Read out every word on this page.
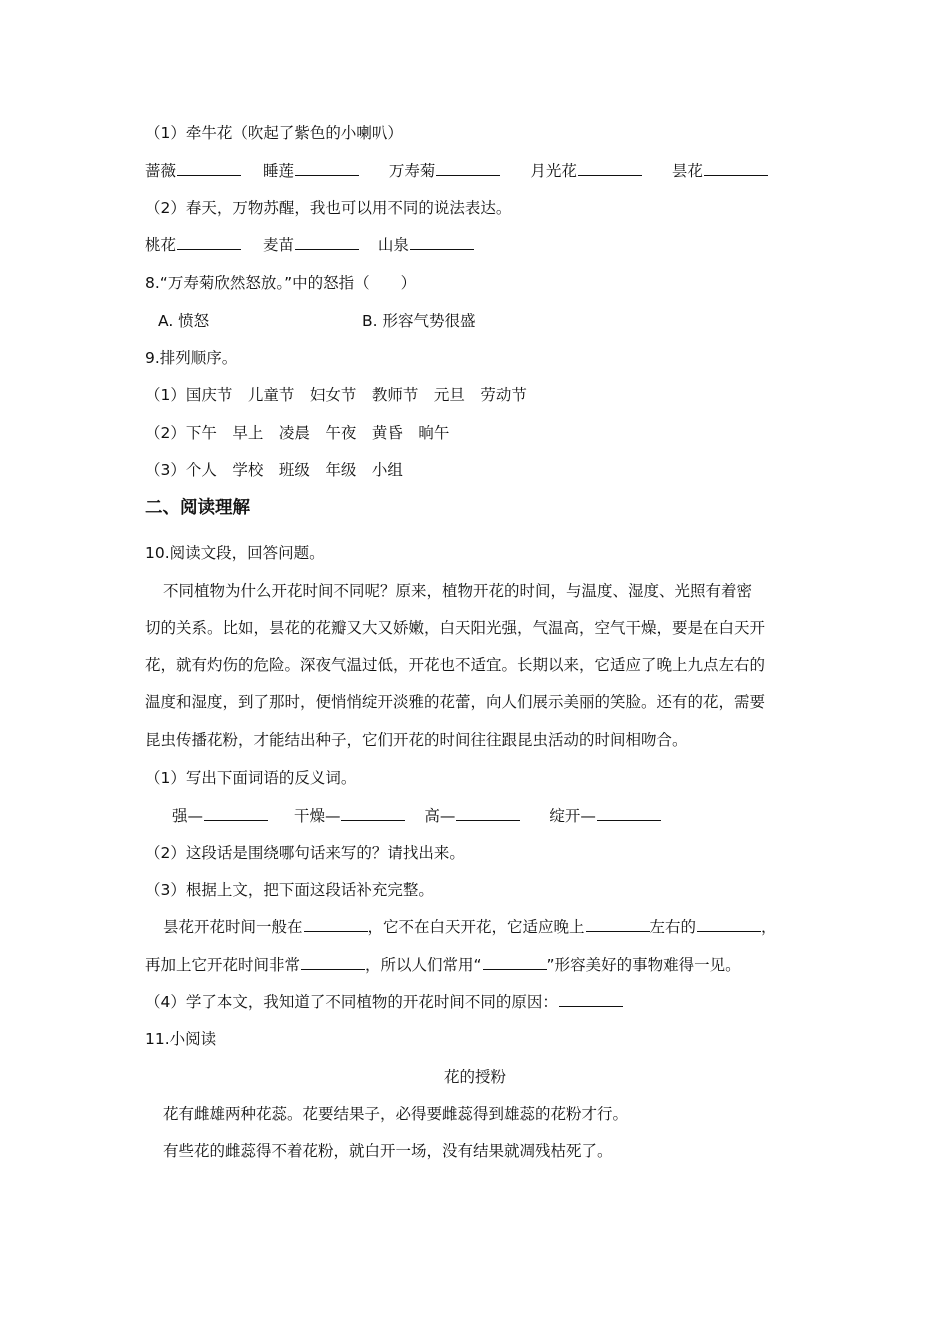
（1）牵牛花（吹起了紫色的小喇叭）
蔷薇	睡莲	万寿菊	月光花	昙花
（2）春天，万物苏醒，我也可以用不同的说法表达。
桃花	麦苗	山泉
8.“万寿菊欣然怒放。”中的怒指（　　）
A. 愤怒	B. 形容气势很盛
9.排列顺序。
（1）国庆节　儿童节　妇女节　教师节　元旦　劳动节
（2）下午　早上　凌晨　午夜　黄昏　晌午
（3）个人　学校　班级　年级　小组
二、阅读理解
10.阅读文段，回答问题。
不同植物为什么开花时间不同呢？原来，植物开花的时间，与温度、湿度、光照有着密
切的关系。比如，昙花的花瓣又大又娇嫩，白天阳光强，气温高，空气干燥，要是在白天开
花，就有灼伤的危险。深夜气温过低，开花也不适宜。长期以来，它适应了晚上九点左右的
温度和湿度，到了那时，便悄悄绽开淡雅的花蕾，向人们展示美丽的笑脸。还有的花，需要
昆虫传播花粉，才能结出种子，它们开花的时间往往跟昆虫活动的时间相吻合。
（1）写出下面词语的反义词。
强—	干燥—	高—	绽开—
（2）这段话是围绕哪句话来写的？请找出来。
（3）根据上文，把下面这段话补充完整。
昙花开花时间一般在	，它不在白天开花，它适应晚上	左右的	，
再加上它开花时间非常	，所以人们常用“	”形容美好的事物难得一见。
（4）学了本文，我知道了不同植物的开花时间不同的原因：
11.小阅读
花的授粉
花有雌雄两种花蕊。花要结果子，必得要雌蕊得到雄蕊的花粉才行。
有些花的雌蕊得不着花粉，就白开一场，没有结果就凋残枯死了。
